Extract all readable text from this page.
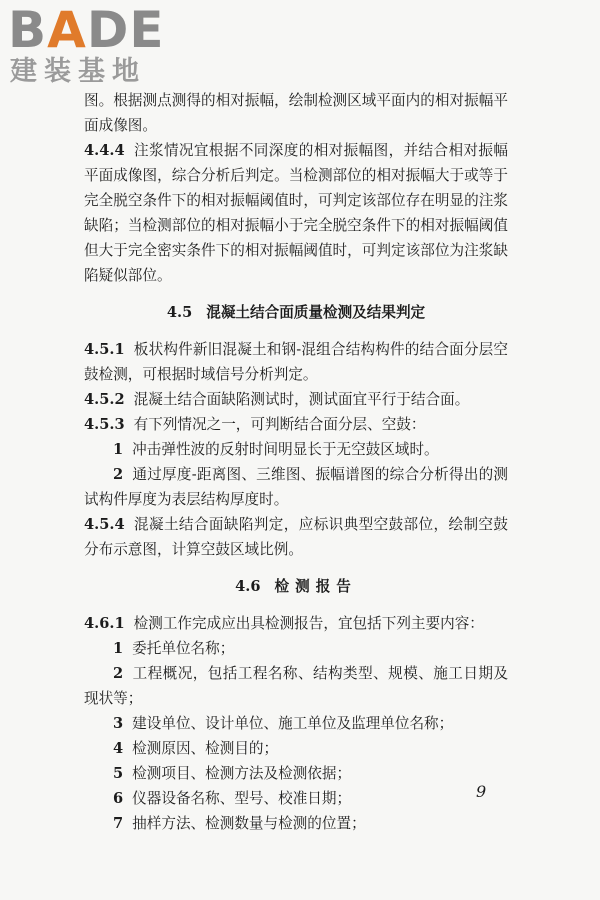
BADE
建装基地

图。根据测点测得的相对振幅，绘制检测区域平面内的相对振幅平面成像图。

4.4.4 注浆情况宜根据不同深度的相对振幅图，并结合相对振幅平面成像图，综合分析后判定。当检测部位的相对振幅大于或等于完全脱空条件下的相对振幅阈值时，可判定该部位存在明显的注浆缺陷；当检测部位的相对振幅小于完全脱空条件下的相对振幅阈值但大于完全密实条件下的相对振幅阈值时，可判定该部位为注浆缺陷疑似部位。

4.5 混凝土结合面质量检测及结果判定

4.5.1 板状构件新旧混凝土和钢-混组合结构构件的结合面分层空鼓检测，可根据时域信号分析判定。

4.5.2 混凝土结合面缺陷测试时，测试面宜平行于结合面。

4.5.3 有下列情况之一，可判断结合面分层、空鼓：

1 冲击弹性波的反射时间明显长于无空鼓区域时。

2 通过厚度-距离图、三维图、振幅谱图的综合分析得出的测试构件厚度为表层结构厚度时。

4.5.4 混凝土结合面缺陷判定，应标识典型空鼓部位，绘制空鼓分布示意图，计算空鼓区域比例。

4.6 检测报告

4.6.1 检测工作完成应出具检测报告，宜包括下列主要内容：

1 委托单位名称；

2 工程概况，包括工程名称、结构类型、规模、施工日期及现状等；

3 建设单位、设计单位、施工单位及监理单位名称；

4 检测原因、检测目的；

5 检测项目、检测方法及检测依据；

6 仪器设备名称、型号、校准日期；

7 抽样方法、检测数量与检测的位置；

9
